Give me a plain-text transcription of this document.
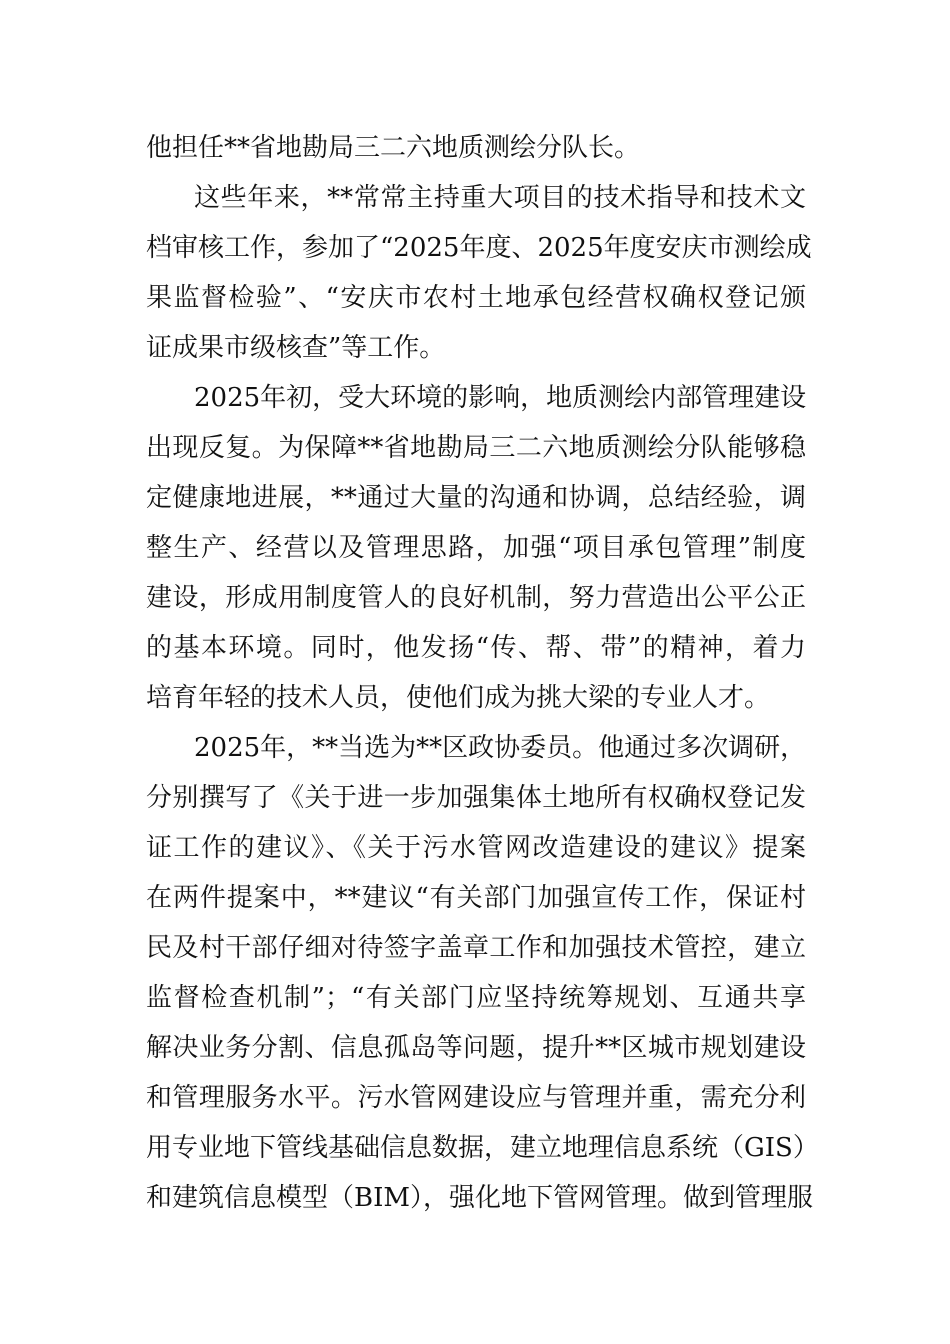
他担任**省地勘局三二六地质测绘分队长。
这些年来，**常常主持重大项目的技术指导和技术文
档审核工作，参加了“2025年度、2025年度安庆市测绘成
果监督检验”、“安庆市农村土地承包经营权确权登记颁
证成果市级核查”等工作。
2025年初，受大环境的影响，地质测绘内部管理建设
出现反复。为保障**省地勘局三二六地质测绘分队能够稳
定健康地进展，**通过大量的沟通和协调，总结经验，调
整生产、经营以及管理思路，加强“项目承包管理”制度
建设，形成用制度管人的良好机制，努力营造出公平公正
的基本环境。同时，他发扬“传、帮、带”的精神，着力
培育年轻的技术人员，使他们成为挑大梁的专业人才。
2025年，**当选为**区政协委员。他通过多次调研，
分别撰写了《关于进一步加强集体土地所有权确权登记发
证工作的建议》、《关于污水管网改造建设的建议》提案
在两件提案中，**建议“有关部门加强宣传工作，保证村
民及村干部仔细对待签字盖章工作和加强技术管控，建立
监督检查机制”；“有关部门应坚持统筹规划、互通共享
解决业务分割、信息孤岛等问题，提升**区城市规划建设
和管理服务水平。污水管网建设应与管理并重，需充分利
用专业地下管线基础信息数据，建立地理信息系统（GIS）
和建筑信息模型（BIM），强化地下管网管理。做到管理服
